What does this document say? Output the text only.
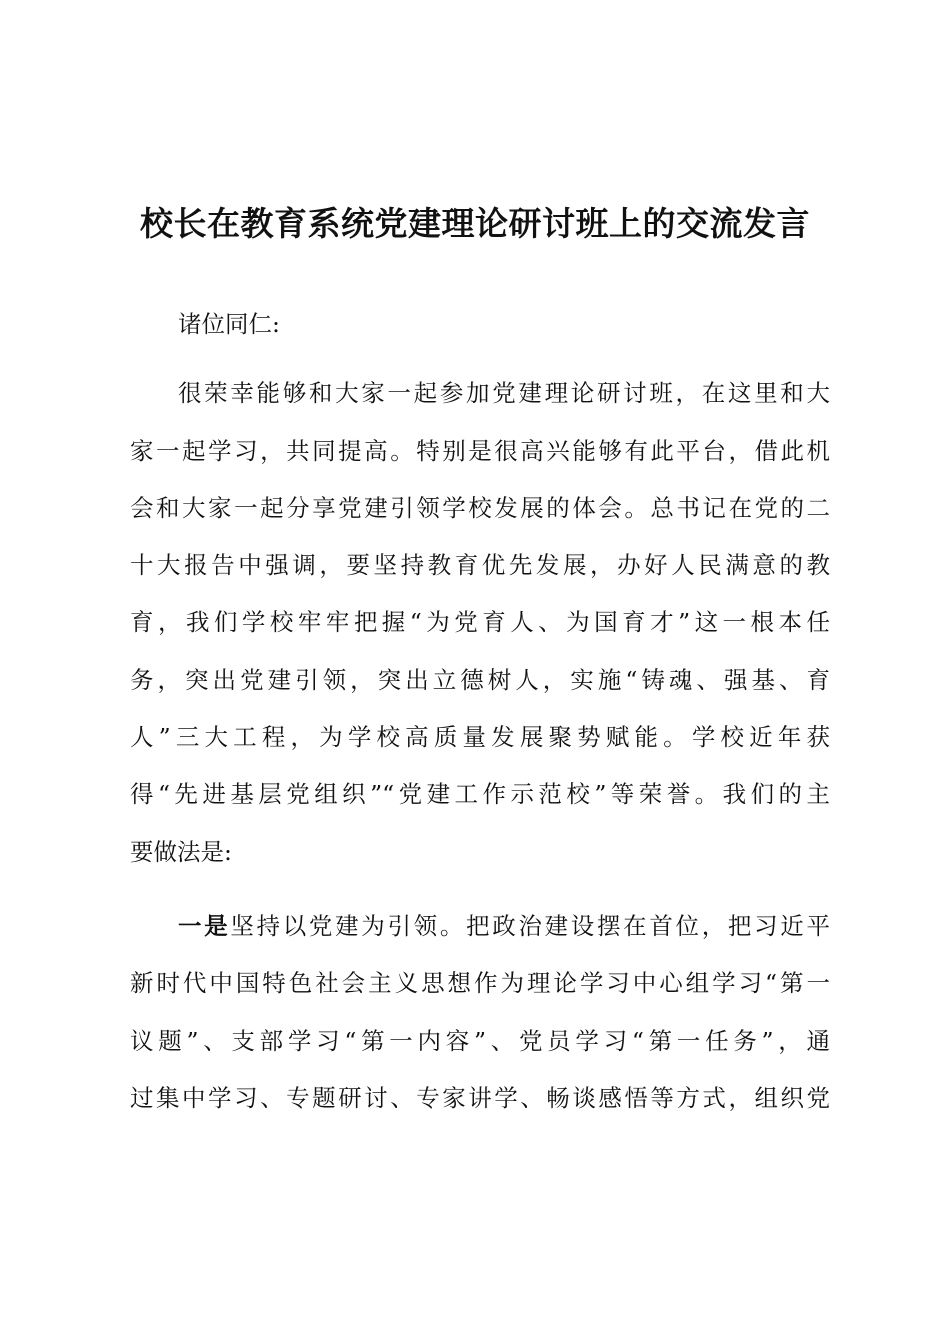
校长在教育系统党建理论研讨班上的交流发言

诸位同仁:

很荣幸能够和大家一起参加党建理论研讨班，在这里和大

家一起学习，共同提高。特别是很高兴能够有此平台，借此机

会和大家一起分享党建引领学校发展的体会。总书记在党的二

十大报告中强调，要坚持教育优先发展，办好人民满意的教

育，我们学校牢牢把握“为党育人、为国育才”这一根本任

务，突出党建引领，突出立德树人，实施“铸魂、强基、育

人”三大工程，为学校高质量发展聚势赋能。学校近年获

得“先进基层党组织”“党建工作示范校”等荣誉。我们的主

要做法是:

一是坚持以党建为引领。把政治建设摆在首位，把习近平

新时代中国特色社会主义思想作为理论学习中心组学习“第一

议题”、支部学习“第一内容”、党员学习“第一任务”，通

过集中学习、专题研讨、专家讲学、畅谈感悟等方式，组织党
